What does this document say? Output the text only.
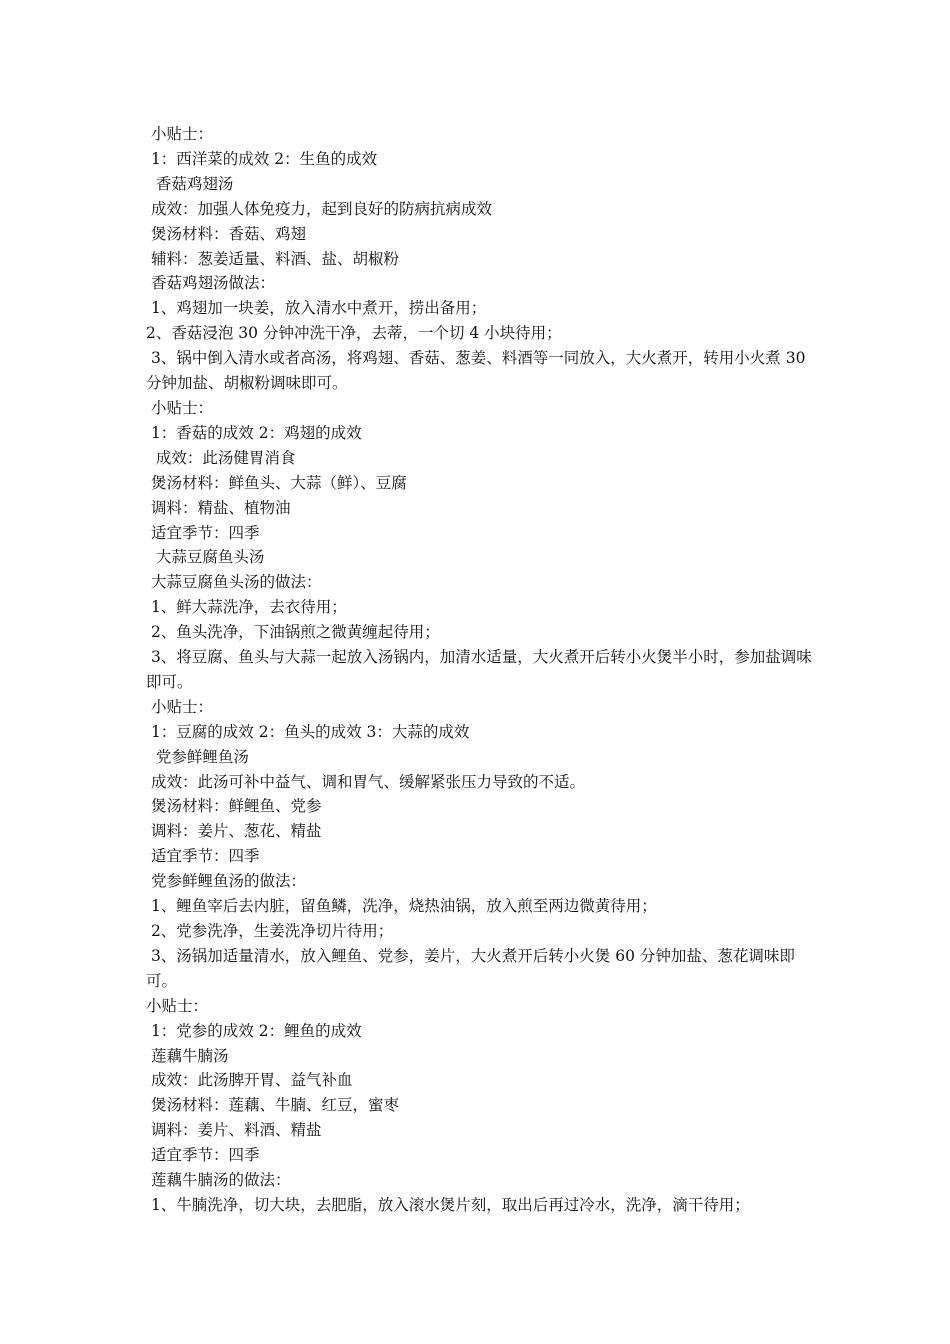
小贴士：
1：西洋菜的成效 2：生鱼的成效
香菇鸡翅汤
成效：加强人体免疫力，起到良好的防病抗病成效
煲汤材料：香菇、鸡翅
辅料：葱姜适量、料酒、盐、胡椒粉
香菇鸡翅汤做法：
1、鸡翅加一块姜，放入清水中煮开，捞出备用；
2、香菇浸泡 30 分钟冲洗干净，去蒂，一个切 4 小块待用；
3、锅中倒入清水或者高汤，将鸡翅、香菇、葱姜、料酒等一同放入，大火煮开，转用小火煮 30 分钟加盐、胡椒粉调味即可。
小贴士：
1：香菇的成效 2：鸡翅的成效
成效：此汤健胃消食
煲汤材料：鲜鱼头、大蒜（鲜）、豆腐
调料：精盐、植物油
适宜季节：四季
大蒜豆腐鱼头汤
大蒜豆腐鱼头汤的做法：
1、鲜大蒜洗净，去衣待用；
2、鱼头洗净，下油锅煎之微黄缠起待用；
3、将豆腐、鱼头与大蒜一起放入汤锅内，加清水适量，大火煮开后转小火煲半小时，参加盐调味即可。
小贴士：
1：豆腐的成效 2：鱼头的成效 3：大蒜的成效
党参鲜鲤鱼汤
成效：此汤可补中益气、调和胃气、缓解紧张压力导致的不适。
煲汤材料：鲜鲤鱼、党参
调料：姜片、葱花、精盐
适宜季节：四季
党参鲜鲤鱼汤的做法：
1、鲤鱼宰后去内脏，留鱼鳞，洗净，烧热油锅，放入煎至两边微黄待用；
2、党参洗净，生姜洗净切片待用；
3、汤锅加适量清水，放入鲤鱼、党参，姜片，大火煮开后转小火煲 60 分钟加盐、葱花调味即可。
小贴士：
1：党参的成效 2：鲤鱼的成效
莲藕牛腩汤
成效：此汤脾开胃、益气补血
煲汤材料：莲藕、牛腩、红豆，蜜枣
调料：姜片、料酒、精盐
适宜季节：四季
莲藕牛腩汤的做法：
1、牛腩洗净，切大块，去肥脂，放入滚水煲片刻，取出后再过冷水，洗净，滴干待用；
